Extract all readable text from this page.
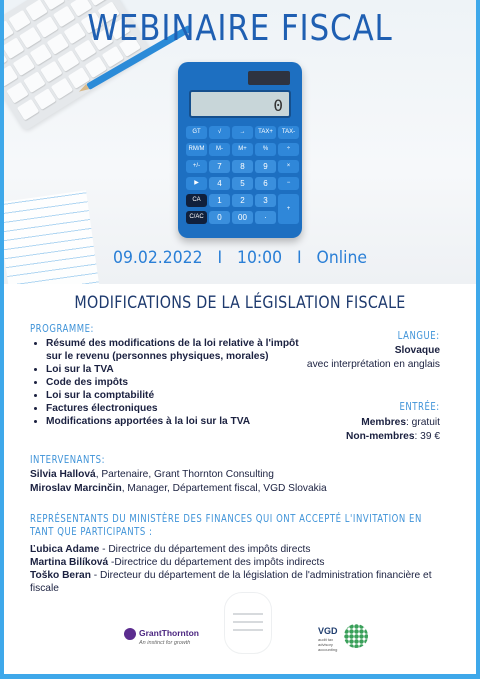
0
GT	√	→	TAX+	TAX-
RM/M	M-	M+	%	÷
+/-	7	8	9	×
▶	4	5	6	−
CA	1	2	3
+
C/AC	0	00	·
WEBINAIRE FISCAL
09.02.2022 I 10:00 I Online
MODIFICATIONS DE LA LÉGISLATION FISCALE
PROGRAMME:
• Résumé des modifications de la loi relative à l'impôt sur le revenu (personnes physiques, morales)
• Loi sur la TVA
• Code des impôts
• Loi sur la comptabilité
• Factures électroniques
• Modifications apportées à la loi sur la TVA
LANGUE:
Slovaque
avec interprétation en anglais
ENTRÉE:
Membres: gratuit
Non-membres: 39 €
INTERVENANTS:
Silvia Hallová, Partenaire, Grant Thornton Consulting
Miroslav Marcinčin, Manager, Département fiscal, VGD Slovakia
REPRÉSENTANTS DU MINISTÈRE DES FINANCES QUI ONT ACCEPTÉ L'INVITATION EN TANT QUE PARTICIPANTS :
Ľubica Adame - Directrice du département des impôts directs
Martina Bilíková -Directrice du département des impôts indirects
Toško Beran - Directeur du département de la législation de l'administration financière et fiscale
GrantThornton
An instinct for growth
VGD
audit tax advisory accounting
